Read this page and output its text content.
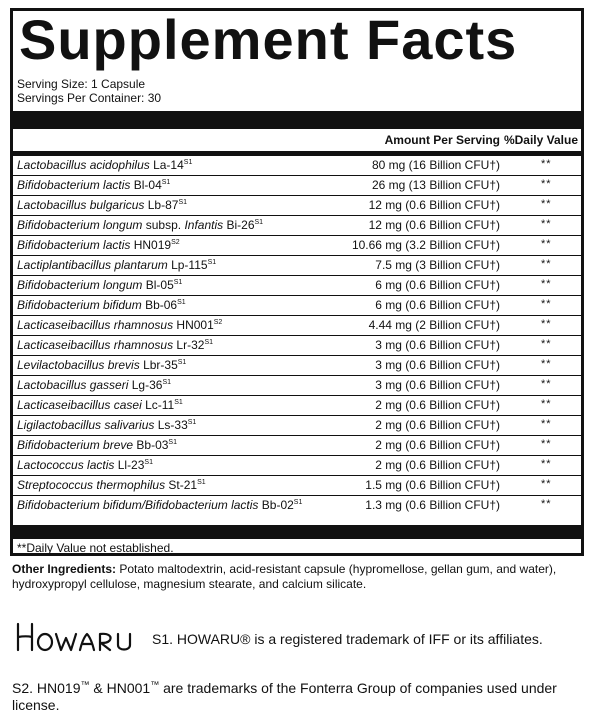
Supplement Facts
Serving Size: 1 Capsule
Servings Per Container: 30
Amount Per Serving %Daily Value
Lactobacillus acidophilus $La-14^{S1}$	80 mg (16 Billion CFU†)	**
Bifidobacterium lactis $Bl-04^{S1}$	26 mg (13 Billion CFU†)	**
Lactobacillus bulgaricus $Lb-87^{S1}$	12 mg (0.6 Billion CFU†)	**
Bifidobacterium longum subsp. Infantis $Bi-26^{S1}$	12 mg (0.6 Billion CFU†)	**
Bifidobacterium lactis $HN019^{S2}$	10.66 mg (3.2 Billion CFU†)	**
Lactiplantibacillus plantarum $Lp-115^{S1}$	7.5 mg (3 Billion CFU†)	**
Bifidobacterium longum $Bl-05^{S1}$	6 mg (0.6 Billion CFU†)	**
Bifidobacterium bifidum $Bb-06^{S1}$	6 mg (0.6 Billion CFU†)	**
Lacticaseibacillus rhamnosus $HN001^{S2}$	4.44 mg (2 Billion CFU†)	**
Lacticaseibacillus rhamnosus $Lr-32^{S1}$	3 mg (0.6 Billion CFU†)	**
Levilactobacillus brevis Lbr-$35^{S1}$	3 mg (0.6 Billion CFU†)	**
Lactobacillus gasseri $Lg-36^{S1}$	3 mg (0.6 Billion CFU†)	**
Lacticaseibacillus casei $Lc-11^{S1}$	2 mg (0.6 Billion CFU†)	**
Ligilactobacillus salivarius $Ls-33^{S1}$	2 mg (0.6 Billion CFU†)	**
Bifidobacterium breve $Bb-03^{S1}$	2 mg (0.6 Billion CFU†)	**
Lactococcus lactis $Ll-23^{S1}$	2 mg (0.6 Billion CFU†)	**
Streptococcus thermophilus $St-21^{S1}$	1.5 mg (0.6 Billion CFU†)	**
Bifidobacterium bifidum/Bifidobacterium lactis $Bb-02^{S1}$	1.3 mg (0.6 Billion CFU†)	**
**Daily Value not established.
Other Ingredients: Potato maltodextrin, acid-resistant capsule (hypromellose, gellan gum, and water), hydroxypropyl cellulose, magnesium stearate, and calcium silicate.
S1. HOWARU® is a registered trademark of IFF or its affiliates.
S2. HN019™ & HN001™ are trademarks of the Fonterra Group of companies used under license.
